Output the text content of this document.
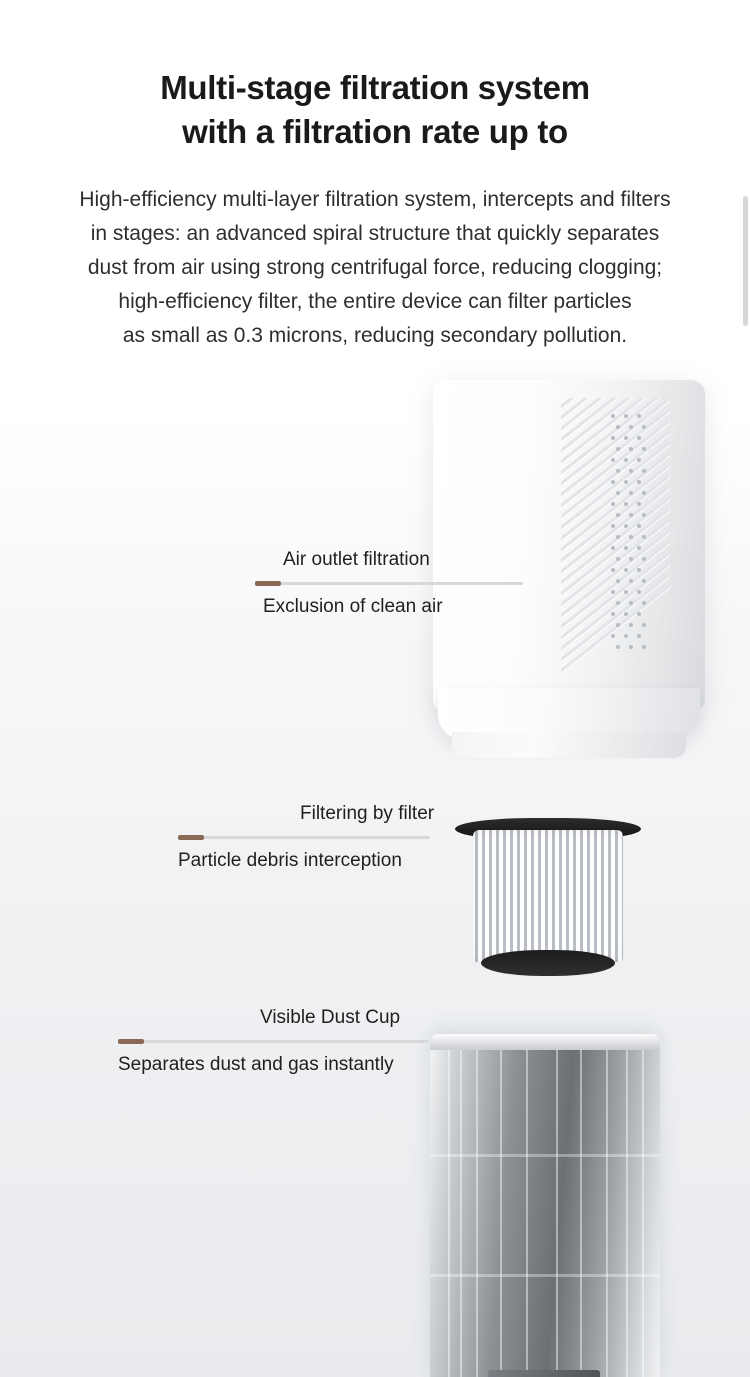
Multi-stage filtration system
with a filtration rate up to
High-efficiency multi-layer filtration system, intercepts and filters
in stages: an advanced spiral structure that quickly separates
dust from air using strong centrifugal force, reducing clogging;
high-efficiency filter, the entire device can filter particles
as small as 0.3 microns, reducing secondary pollution.
Air outlet filtration
Exclusion of clean air
Filtering by filter
Particle debris interception
Visible Dust Cup
Separates dust and gas instantly
